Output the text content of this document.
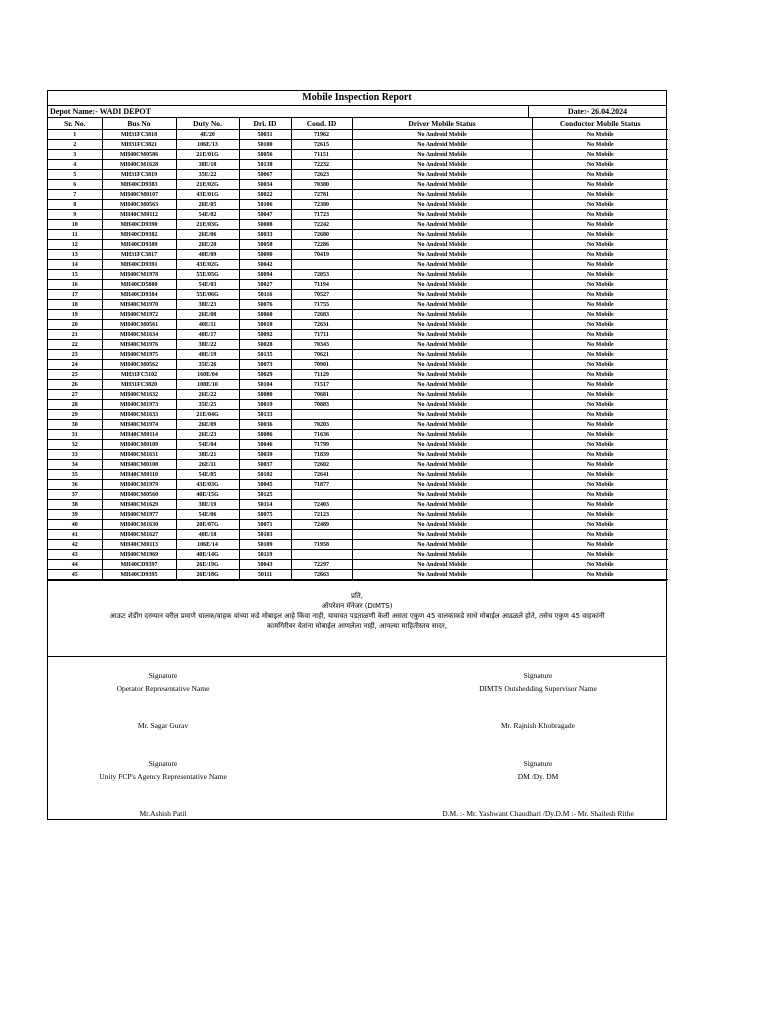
Mobile Inspection Report
Depot Name:- WADI DEPOT	Date:- 26.04.2024
Sr. No.	Bus No	Duty No.	Dri. ID	Cond. ID	Driver Mobile Status	Conductor Mobile Status
1	MH31FC3818	4E/20	50031	71962	No Android Mobile	No Mobile
2	MH31FC3821	106E/13	50100	72615	No Android Mobile	No Mobile
3	MH40CM0586	21E/01G	50056	71151	No Android Mobile	No Mobile
4	MH40CM1628	38E/18	50138	72232	No Android Mobile	No Mobile
5	MH31FC3819	35E/22	50067	72623	No Android Mobile	No Mobile
6	MH40CD9383	21E/02G	50034	70380	No Android Mobile	No Mobile
7	MH40CM0107	43E/01G	50022	72781	No Android Mobile	No Mobile
8	MH40CM0563	26E/05	50106	72380	No Android Mobile	No Mobile
9	MH40CM0112	54E/02	50047	71723	No Android Mobile	No Mobile
10	MH40CD9390	21E/03G	50008	72242	No Android Mobile	No Mobile
11	MH40CD9382	26E/06	50033	72680	No Android Mobile	No Mobile
12	MH40CD9389	26E/20	50058	72286	No Android Mobile	No Mobile
13	MH31FC3817	40E/09	50090	70419	No Android Mobile	No Mobile
14	MH40CD9391	43E/02G	50042		No Android Mobile	No Mobile
15	MH40CM1978	55E/05G	50094	72053	No Android Mobile	No Mobile
16	MH40CD5880	54E/03	50027	71194	No Android Mobile	No Mobile
17	MH40CD9384	55E/06G	50116	70527	No Android Mobile	No Mobile
18	MH40CM1970	38E/23	50076	71755	No Android Mobile	No Mobile
19	MH40CM1972	26E/08	50060	72683	No Android Mobile	No Mobile
20	MH40CM0561	40E/11	50018	72631	No Android Mobile	No Mobile
21	MH40CM1634	40E/17	50092	71711	No Android Mobile	No Mobile
22	MH40CM1976	38E/22	50028	70343	No Android Mobile	No Mobile
23	MH40CM1975	40E/19	50135	70621	No Android Mobile	No Mobile
24	MH40CM0562	35E/26	50073	70901	No Android Mobile	No Mobile
25	MH31FC5102	160E/04	50029	71129	No Android Mobile	No Mobile
26	MH31FC3820	108E/10	50104	71517	No Android Mobile	No Mobile
27	MH40CM1632	26E/22	50080	70681	No Android Mobile	No Mobile
28	MH40CM1973	35E/25	50019	70883	No Android Mobile	No Mobile
29	MH40CM1633	21E/04G	50133		No Android Mobile	No Mobile
30	MH40CM1974	26E/09	50036	70203	No Android Mobile	No Mobile
31	MH40CM0114	26E/23	50086	71636	No Android Mobile	No Mobile
32	MH40CM0109	54E/04	50046	71799	No Android Mobile	No Mobile
33	MH40CM1631	38E/21	50039	71839	No Android Mobile	No Mobile
34	MH40CM0108	26E/11	50037	72602	No Android Mobile	No Mobile
35	MH40CM0110	54E/05	50102	72641	No Android Mobile	No Mobile
36	MH40CM1979	43E/03G	50045	71877	No Android Mobile	No Mobile
37	MH40CM0560	40E/15G	50125		No Android Mobile	No Mobile
38	MH40CM1629	38E/19	50114	72403	No Android Mobile	No Mobile
39	MH40CM1977	54E/06	50075	72123	No Android Mobile	No Mobile
40	MH40CM1630	20E/07G	50071	72489	No Android Mobile	No Mobile
41	MH40CM1627	40E/18	50103		No Android Mobile	No Mobile
42	MH40CM0113	106E/14	50109	71958	No Android Mobile	No Mobile
43	MH40CM1969	40E/14G	50119		No Android Mobile	No Mobile
44	MH40CD9397	26E/19G	50043	72297	No Android Mobile	No Mobile
45	MH40CD9395	26E/18G	50111	72663	No Android Mobile	No Mobile
प्रति,
ऑपरेशन मॅनेजर (DIMTS)
आऊट शेडींग दरम्यान वरील प्रमाणे चालक/वाहक यांच्या कडे मोबाइल आहे किंवा नाही, यावावत पडताळणी केली असता एकुण 45 वालकाकडे साधे मोबाईल आढळले होते, तसेच एकुण 45 वाहकांनी
कामगिरीवर येतांना मोबाईल आणलेला नाही, आपल्या माहितीस्तव सादर,
Signature
Operator Representative Name
Mr. Sagar Gurav
Signature
DIMTS Outshedding Supervisor Name
Mr. Rajnish Khobragade
Signature
Unity FCP's Agency Representative Name
Mr.Ashish Patil
Signature
DM /Dy. DM
D.M. :- Mr. Yashwant Chaudhari /Dy.D.M :- Mr. Shailesh Rithe
